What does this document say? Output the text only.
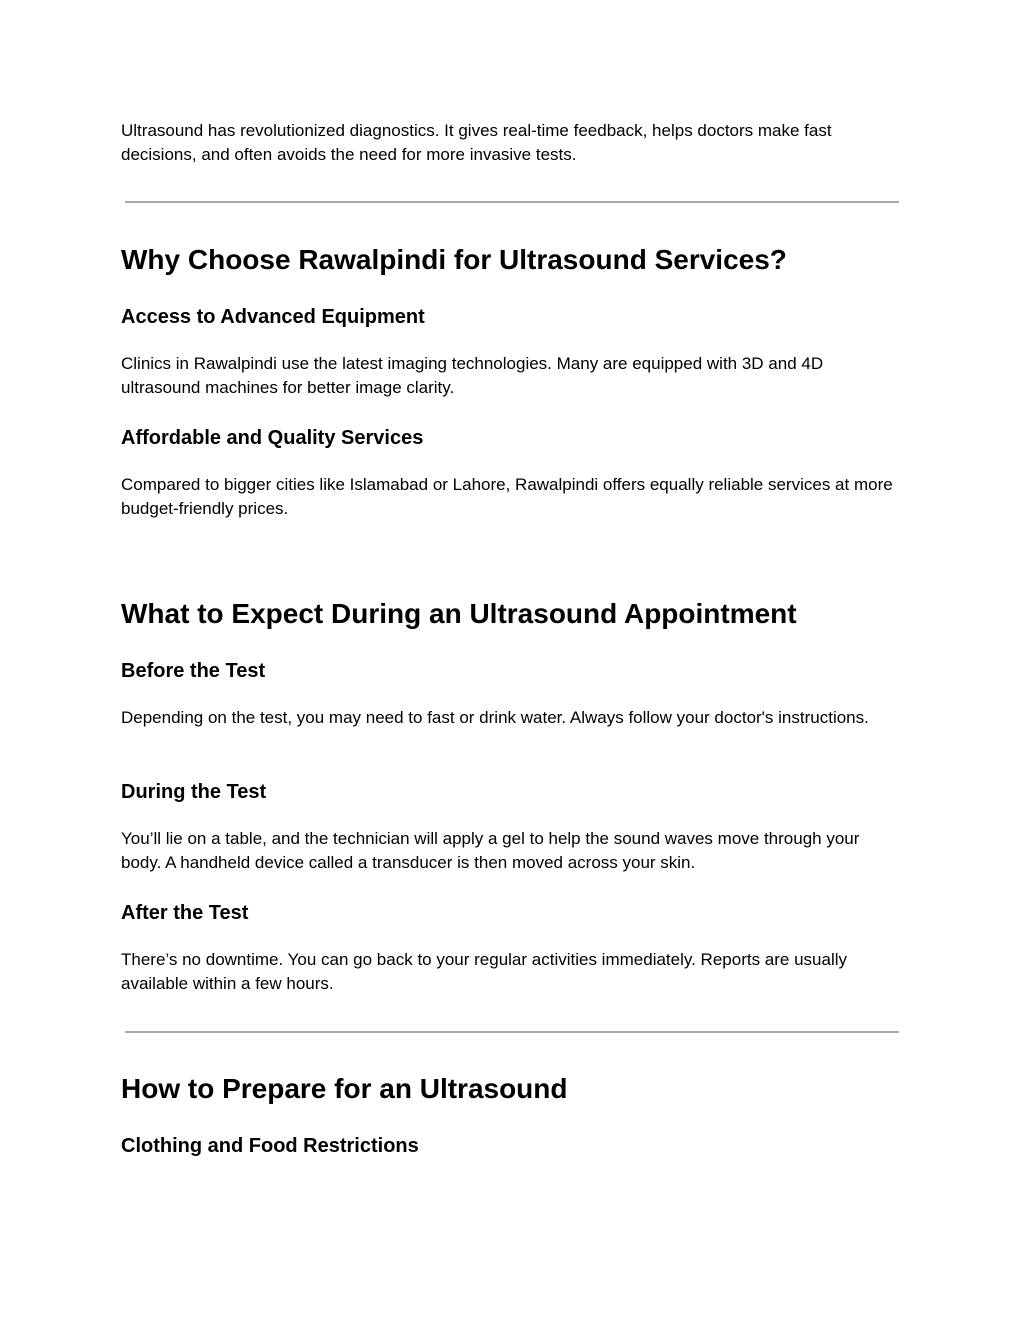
Ultrasound has revolutionized diagnostics. It gives real-time feedback, helps doctors make fast decisions, and often avoids the need for more invasive tests.

Why Choose Rawalpindi for Ultrasound Services?
Access to Advanced Equipment

Clinics in Rawalpindi use the latest imaging technologies. Many are equipped with 3D and 4D ultrasound machines for better image clarity.

Affordable and Quality Services

Compared to bigger cities like Islamabad or Lahore, Rawalpindi offers equally reliable services at more budget-friendly prices.

What to Expect During an Ultrasound Appointment
Before the Test

Depending on the test, you may need to fast or drink water. Always follow your doctor's instructions.

During the Test

You’ll lie on a table, and the technician will apply a gel to help the sound waves move through your body. A handheld device called a transducer is then moved across your skin.

After the Test

There’s no downtime. You can go back to your regular activities immediately. Reports are usually available within a few hours.

How to Prepare for an Ultrasound
Clothing and Food Restrictions
